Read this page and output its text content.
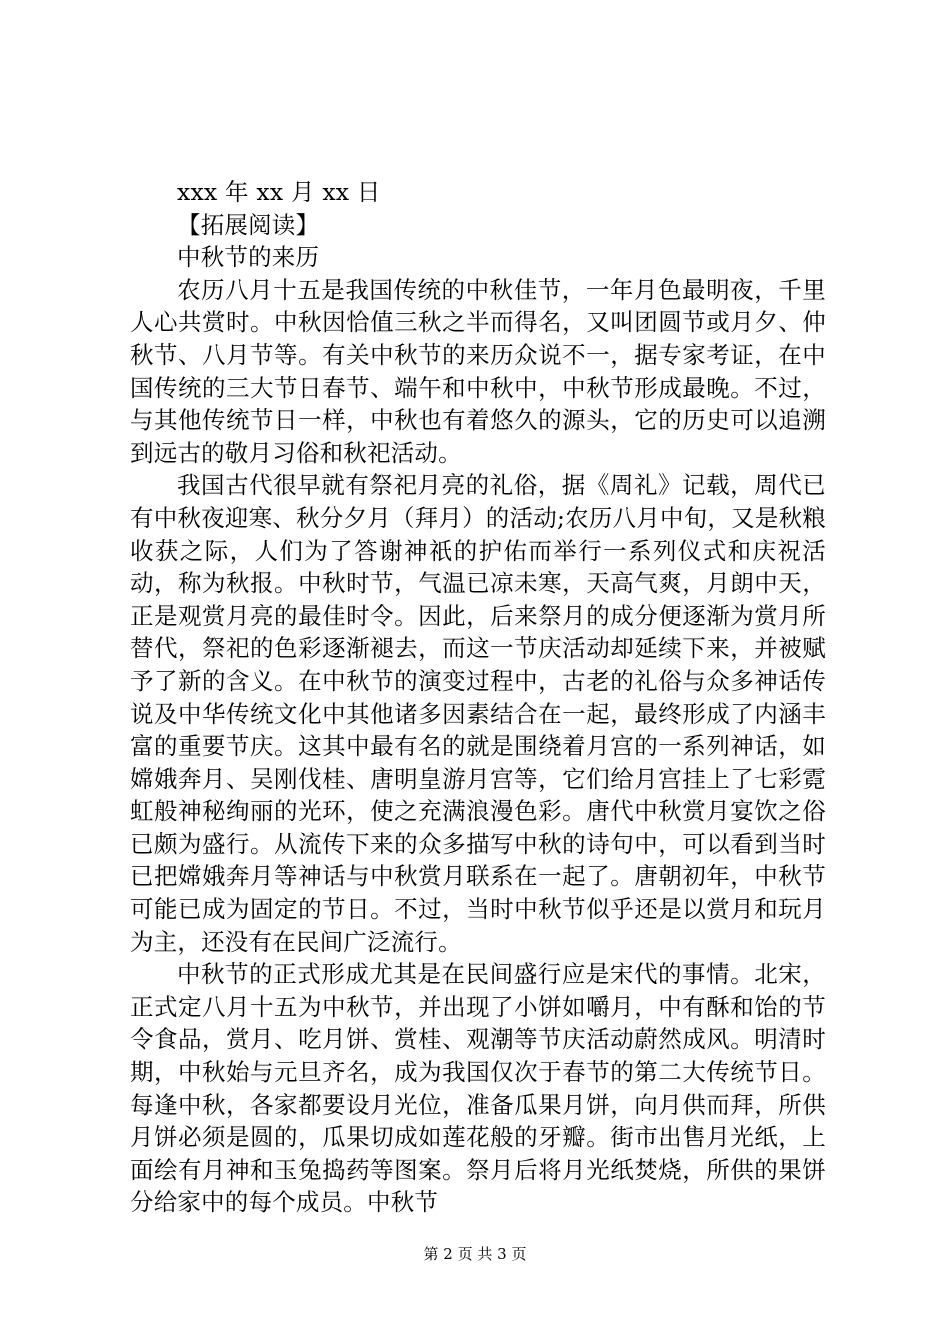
xxx 年 xx 月 xx 日
【拓展阅读】
中秋节的来历

农历八月十五是我国传统的中秋佳节，一年月色最明夜，千里人心共赏时。中秋因恰值三秋之半而得名，又叫团圆节或月夕、仲秋节、八月节等。有关中秋节的来历众说不一，据专家考证，在中国传统的三大节日春节、端午和中秋中，中秋节形成最晚。不过，与其他传统节日一样，中秋也有着悠久的源头，它的历史可以追溯到远古的敬月习俗和秋祀活动。

我国古代很早就有祭祀月亮的礼俗，据《周礼》记载，周代已有中秋夜迎寒、秋分夕月（拜月）的活动;农历八月中旬，又是秋粮收获之际，人们为了答谢神祇的护佑而举行一系列仪式和庆祝活动，称为秋报。中秋时节，气温已凉未寒，天高气爽，月朗中天，正是观赏月亮的最佳时令。因此，后来祭月的成分便逐渐为赏月所替代，祭祀的色彩逐渐褪去，而这一节庆活动却延续下来，并被赋予了新的含义。在中秋节的演变过程中，古老的礼俗与众多神话传说及中华传统文化中其他诸多因素结合在一起，最终形成了内涵丰富的重要节庆。这其中最有名的就是围绕着月宫的一系列神话，如嫦娥奔月、吴刚伐桂、唐明皇游月宫等，它们给月宫挂上了七彩霓虹般神秘绚丽的光环，使之充满浪漫色彩。唐代中秋赏月宴饮之俗已颇为盛行。从流传下来的众多描写中秋的诗句中，可以看到当时已把嫦娥奔月等神话与中秋赏月联系在一起了。唐朝初年，中秋节可能已成为固定的节日。不过，当时中秋节似乎还是以赏月和玩月为主，还没有在民间广泛流行。

中秋节的正式形成尤其是在民间盛行应是宋代的事情。北宋，正式定八月十五为中秋节，并出现了小饼如嚼月，中有酥和饴的节令食品，赏月、吃月饼、赏桂、观潮等节庆活动蔚然成风。明清时期，中秋始与元旦齐名，成为我国仅次于春节的第二大传统节日。每逢中秋，各家都要设月光位，准备瓜果月饼，向月供而拜，所供月饼必须是圆的，瓜果切成如莲花般的牙瓣。街市出售月光纸，上面绘有月神和玉兔捣药等图案。祭月后将月光纸焚烧，所供的果饼分给家中的每个成员。中秋节

第 2 页 共 3 页
